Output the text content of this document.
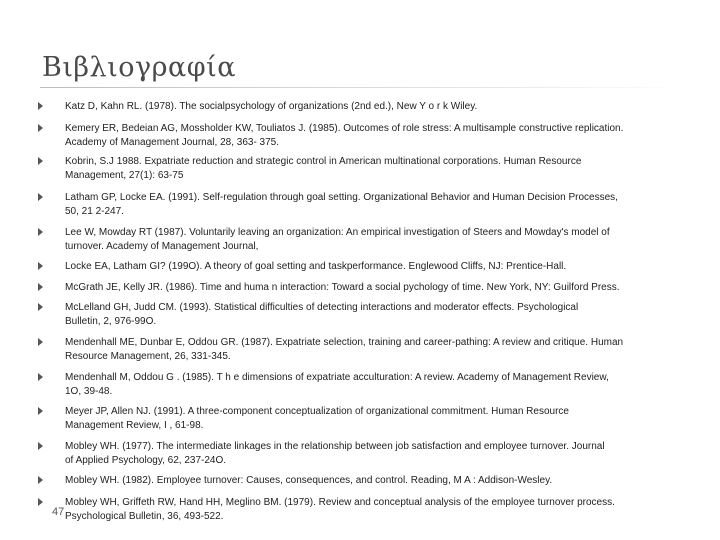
Βιβλιογραφία
Katz D, Kahn RL. (1978). The socialpsychology of organizations (2nd ed.), New Y o r k Wiley.
Kemery ER, Bedeian AG, Mossholder KW, Touliatos J. (1985). Outcomes of role stress: A multisample constructive replication.
Academy of Management Journal, 28, 363- 375.
Kobrin, S.J 1988. Expatriate reduction and strategic control in American multinational corporations. Human Resource
Management, 27(1): 63-75
Latham GP, Locke EA. (1991). Self-regulation through goal setting. Organizational Behavior and Human Decision Processes,
50, 21 2-247.
Lee W, Mowday RT (1987). Voluntarily leaving an organization: An empirical investigation of Steers and Mowday's model of
turnover. Academy of Management Journal,
Locke EA, Latham GI? (199O). A theory of goal setting and taskperformance. Englewood Cliffs, NJ: Prentice-Hall.
McGrath JE, Kelly JR. (1986). Time and huma n interaction: Toward a social pychology of time. New York, NY: Guilford Press.
McLelland GH, Judd CM. (1993). Statistical difficulties of detecting interactions and moderator effects. Psychological
Bulletin, 2, 976-99O.
Mendenhall ME, Dunbar E, Oddou GR. (1987). Expatriate selection, training and career-pathing: A review and critique. Human
Resource Management, 26, 331-345.
Mendenhall M, Oddou G . (1985). T h e dimensions of expatriate acculturation: A review. Academy of Management Review,
1O, 39-48.
Meyer JP, Allen NJ. (1991). A three-component conceptualization of organizational commitment. Human Resource
Management Review, I , 61-98.
Mobley WH. (1977). The intermediate linkages in the relationship between job satisfaction and employee turnover. Journal
of Applied Psychology, 62, 237-24O.
Mobley WH. (1982). Employee turnover: Causes, consequences, and control. Reading, M A : Addison-Wesley.
Mobley WH, Griffeth RW, Hand HH, Meglino BM. (1979). Review and conceptual analysis of the employee turnover process.
Psychological Bulletin, 36, 493-522.
47
